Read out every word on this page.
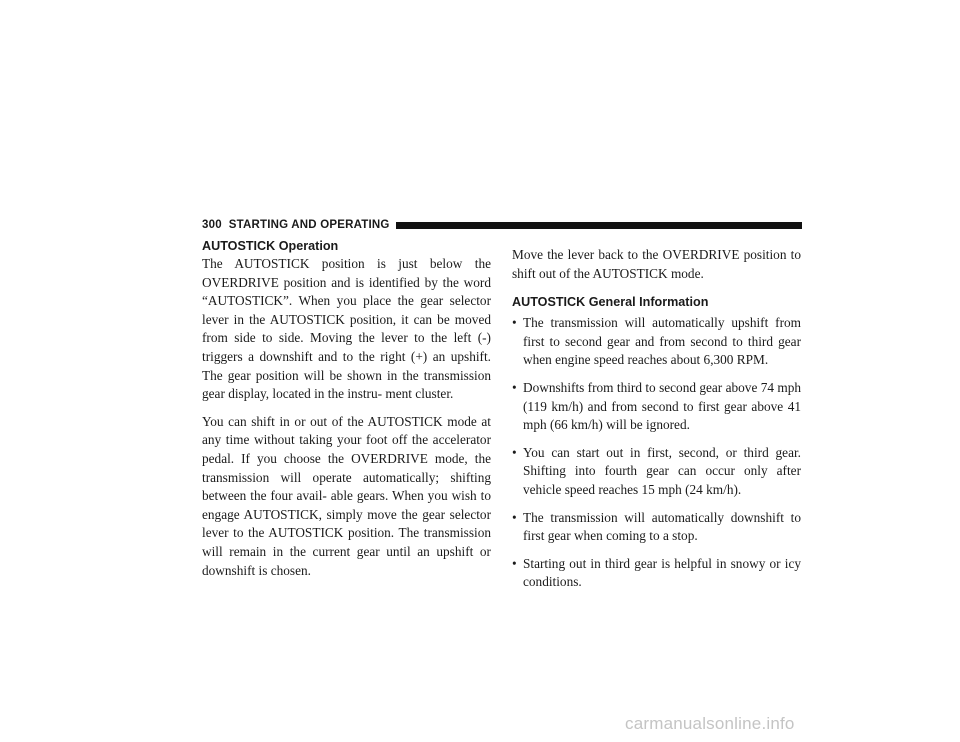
300 STARTING AND OPERATING
AUTOSTICK Operation

The AUTOSTICK position is just below the OVERDRIVE position and is identified by the word “AUTOSTICK”. When you place the gear selector lever in the AUTOSTICK position, it can be moved from side to side. Moving the lever to the left (-) triggers a downshift and to the right (+) an upshift. The gear position will be shown in the transmission gear display, located in the instru- ment cluster.

You can shift in or out of the AUTOSTICK mode at any time without taking your foot off the accelerator pedal. If you choose the OVERDRIVE mode, the transmission will operate automatically; shifting between the four avail- able gears. When you wish to engage AUTOSTICK, simply move the gear selector lever to the AUTOSTICK position. The transmission will remain in the current gear until an upshift or downshift is chosen.

Move the lever back to the OVERDRIVE position to shift out of the AUTOSTICK mode.

AUTOSTICK General Information
• The transmission will automatically upshift from first to second gear and from second to third gear when engine speed reaches about 6,300 RPM.
• Downshifts from third to second gear above 74 mph (119 km/h) and from second to first gear above 41 mph (66 km/h) will be ignored.
• You can start out in first, second, or third gear. Shifting into fourth gear can occur only after vehicle speed reaches 15 mph (24 km/h).
• The transmission will automatically downshift to first gear when coming to a stop.
• Starting out in third gear is helpful in snowy or icy conditions.
carmanualsonline.info
